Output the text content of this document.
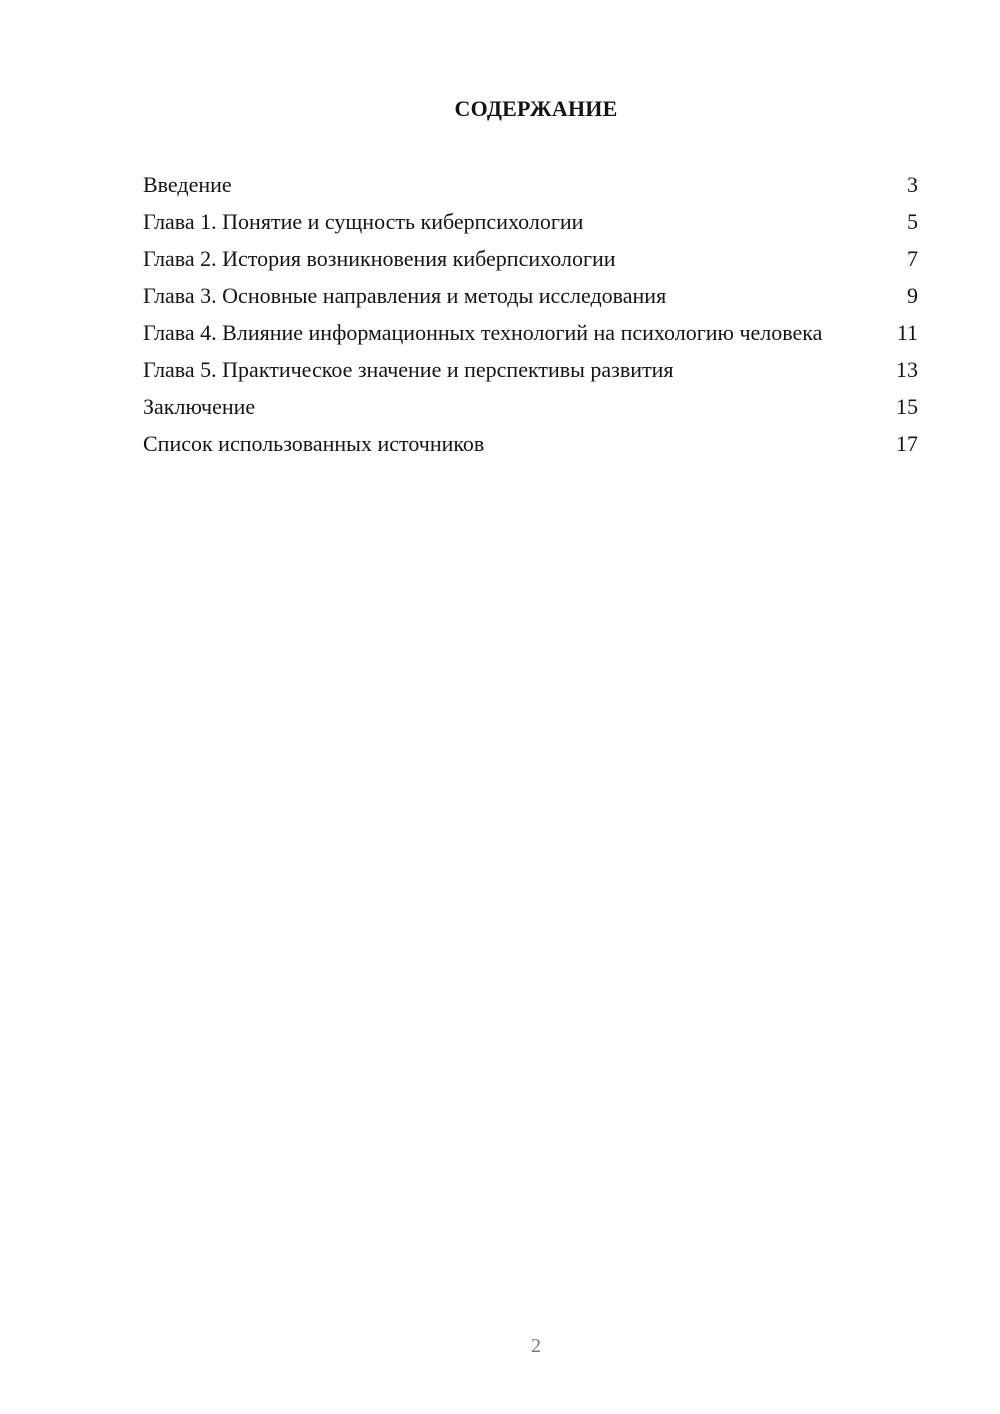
СОДЕРЖАНИЕ
Введение	3
Глава 1. Понятие и сущность киберпсихологии	5
Глава 2. История возникновения киберпсихологии	7
Глава 3. Основные направления и методы исследования	9
Глава 4. Влияние информационных технологий на психологию человека	11
Глава 5. Практическое значение и перспективы развития	13
Заключение	15
Список использованных источников	17
2
